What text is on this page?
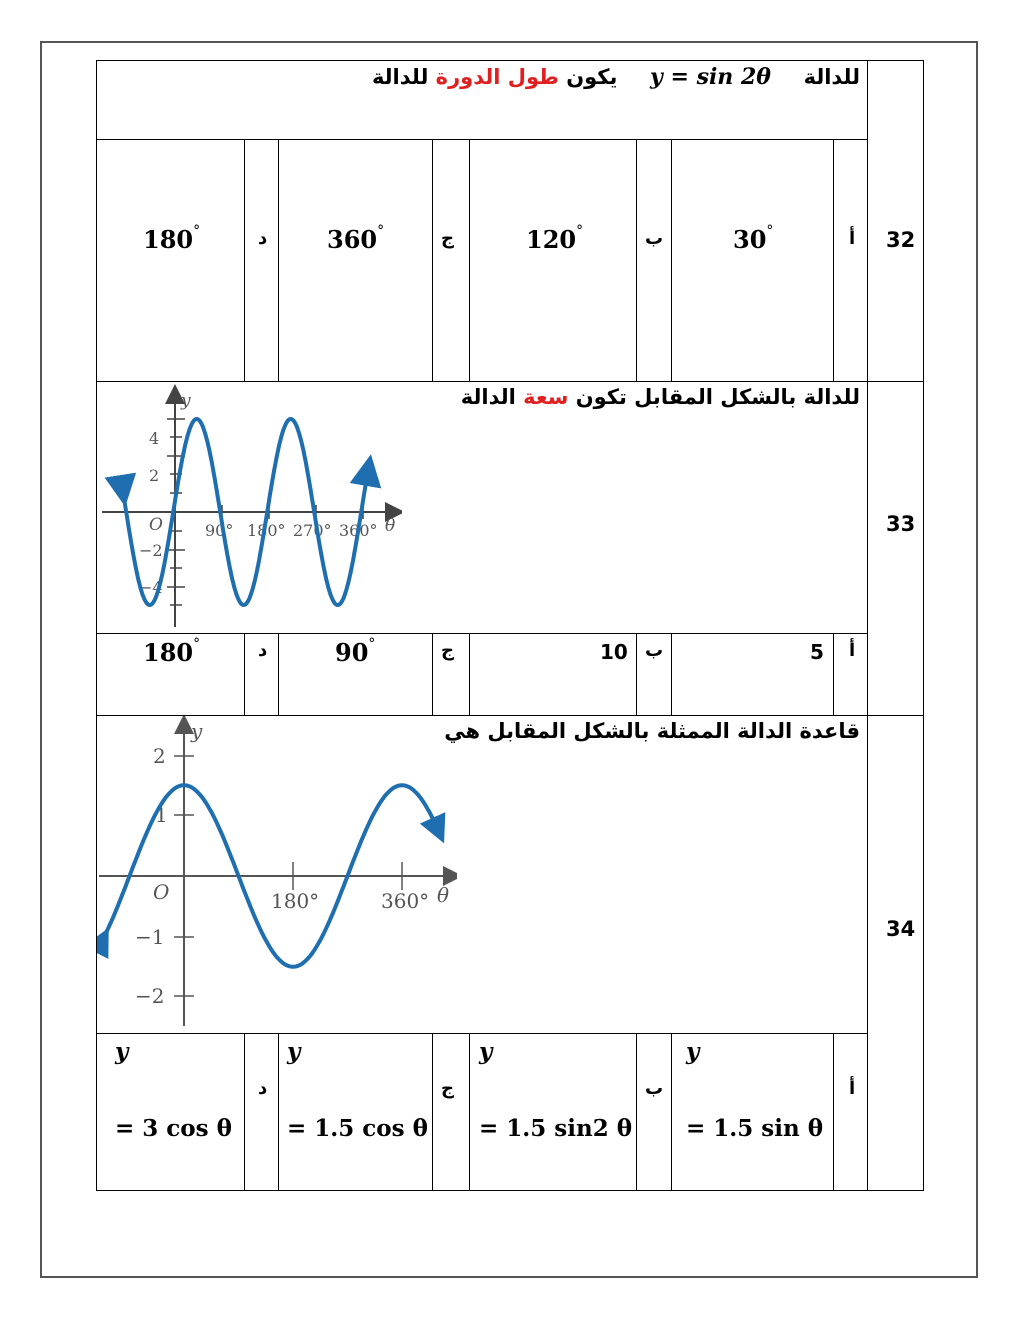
32
للدالة  y = sin 2θ  يكون طول الدورة للدالة
أ
30°
ب
120°
ج
360°
د
180°
33
للدالة بالشكل المقابل تكون سعة الدالة
y
θ
O
4
2
−2
−4
90° 180° 270° 360°
أ
5
ب
10
ج
90°
د
180°
34
قاعدة الدالة الممثلة بالشكل المقابل هي
y
θ
O
2
1
−1
−2
180°	360°
أ
y
= 1.5 sin θ
ب
y
= 1.5 sin2 θ
ج
y
= 1.5 cos θ
د
y
= 3 cos θ
